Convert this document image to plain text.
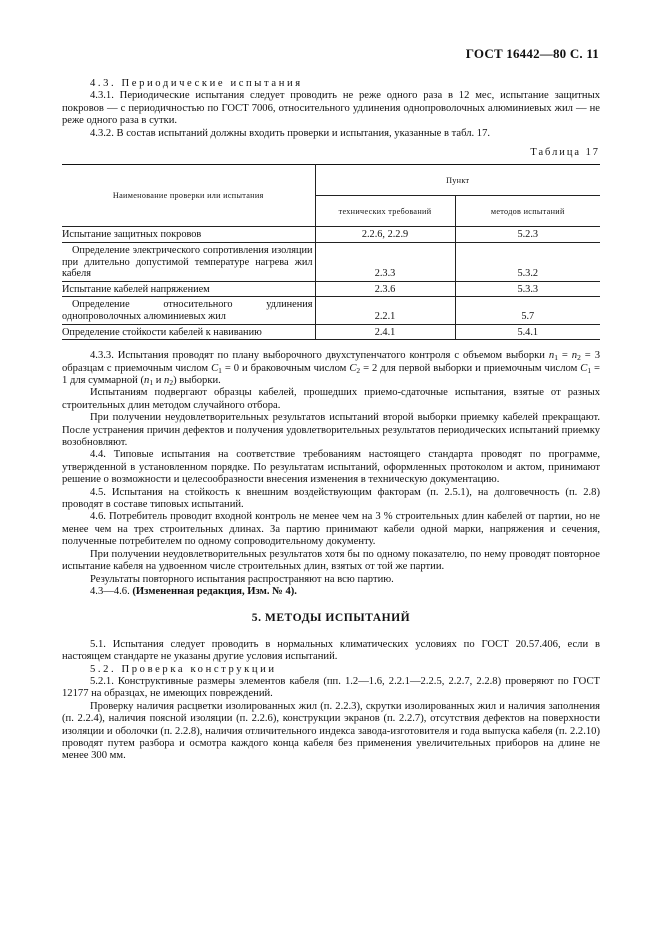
ГОСТ 16442—80 С. 11

4.3. Периодические испытания

4.3.1. Периодические испытания следует проводить не реже одного раза в 12 мес, испытание защитных покровов — с периодичностью по ГОСТ 7006, относительного удлинения однопроволочных алюминиевых жил — не реже одного раза в сутки.

4.3.2. В состав испытаний должны входить проверки и испытания, указанные в табл. 17.

Таблица 17
Наименование проверки или испытания	Пункт	
	технических требований	методов испытаний
Испытание защитных покровов	2.2.6, 2.2.9	5.2.3

Определение электрического сопротивления изоляции при длительно допустимой температуре нагрева жил кабеля	2.3.3	5.3.2
Испытание кабелей напряжением	2.3.6	5.3.3

Определение относительного удлинения однопроволочных алюминиевых жил	2.2.1	5.7
Определение стойкости кабелей к навиванию	2.4.1	5.4.1

4.3.3. Испытания проводят по плану выборочного двухступенчатого контроля с объемом выборки $n_1 = n_2 = 3$ образцам с приемочным числом $C_1 = 0$ и браковочным числом $C_2 = 2$ для первой выборки и приемочным числом $C_1 = 1$ для суммарной ($n_1$ и $n_2$) выборки.

Испытаниям подвергают образцы кабелей, прошедших приемо-сдаточные испытания, взятые от разных строительных длин методом случайного отбора.

При получении неудовлетворительных результатов испытаний второй выборки приемку кабелей прекращают. После устранения причин дефектов и получения удовлетворительных результатов периодических испытаний приемку возобновляют.

4.4. Типовые испытания на соответствие требованиям настоящего стандарта проводят по программе, утвержденной в установленном порядке. По результатам испытаний, оформленных протоколом и актом, принимают решение о возможности и целесообразности внесения изменения в техническую документацию.

4.5. Испытания на стойкость к внешним воздействующим факторам (п. 2.5.1), на долговечность (п. 2.8) проводят в составе типовых испытаний.

4.6. Потребитель проводит входной контроль не менее чем на 3 % строительных длин кабелей от партии, но не менее чем на трех строительных длинах. За партию принимают кабели одной марки, напряжения и сечения, полученные потребителем по одному сопроводительному документу.

При получении неудовлетворительных результатов хотя бы по одному показателю, по нему проводят повторное испытание кабеля на удвоенном числе строительных длин, взятых от той же партии.

Результаты повторного испытания распространяют на всю партию.

4.3—4.6. (Измененная редакция, Изм. № 4).

5. МЕТОДЫ ИСПЫТАНИЙ

5.1. Испытания следует проводить в нормальных климатических условиях по ГОСТ 20.57.406, если в настоящем стандарте не указаны другие условия испытаний.

5.2. Проверка конструкции

5.2.1. Конструктивные размеры элементов кабеля (пп. 1.2—1.6, 2.2.1—2.2.5, 2.2.7, 2.2.8) проверяют по ГОСТ 12177 на образцах, не имеющих повреждений.

Проверку наличия расцветки изолированных жил (п. 2.2.3), скрутки изолированных жил и наличия заполнения (п. 2.2.4), наличия поясной изоляции (п. 2.2.6), конструкции экранов (п. 2.2.7), отсутствия дефектов на поверхности изоляции и оболочки (п. 2.2.8), наличия отличительного индекса завода-изготовителя и года выпуска кабеля (п. 2.2.10) проводят путем разбора и осмотра каждого конца кабеля без применения увеличительных приборов на длине не менее 300 мм.
